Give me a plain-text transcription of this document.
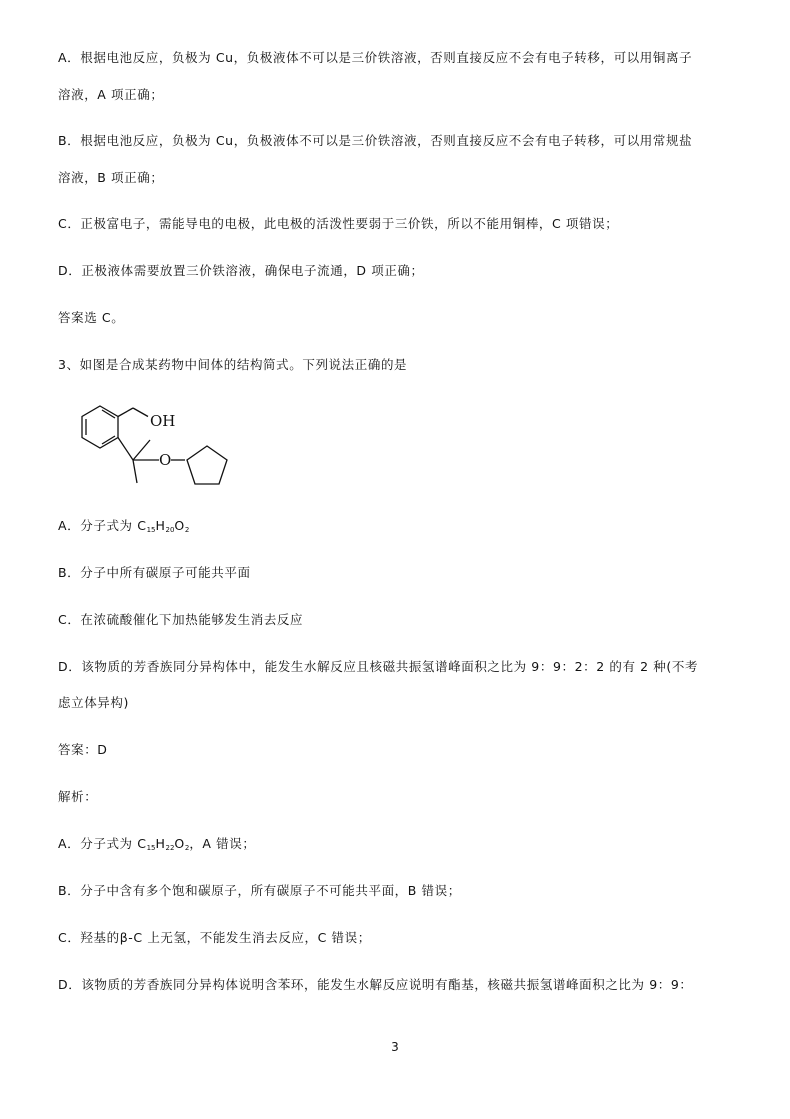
A．根据电池反应，负极为 Cu，负极液体不可以是三价铁溶液，否则直接反应不会有电子转移，可以用铜离子
溶液，A 项正确；
B．根据电池反应，负极为 Cu，负极液体不可以是三价铁溶液，否则直接反应不会有电子转移，可以用常规盐
溶液，B 项正确；
C．正极富电子，需能导电的电极，此电极的活泼性要弱于三价铁，所以不能用铜棒，C 项错误；
D．正极液体需要放置三价铁溶液，确保电子流通，D 项正确；
答案选 C。
3、如图是合成某药物中间体的结构简式。下列说法正确的是
OH
O
A．分子式为 $C_{15}H_{20}O_2$
B．分子中所有碳原子可能共平面
C．在浓硫酸催化下加热能够发生消去反应
D．该物质的芳香族同分异构体中，能发生水解反应且核磁共振氢谱峰面积之比为 9：9：2：2 的有 2 种(不考
虑立体异构)
答案：D
解析：
A．分子式为 $C_{15}H_{22}O_2$，A 错误；
B．分子中含有多个饱和碳原子，所有碳原子不可能共平面，B 错误；
C．羟基的β-C 上无氢，不能发生消去反应，C 错误；
D．该物质的芳香族同分异构体说明含苯环，能发生水解反应说明有酯基，核磁共振氢谱峰面积之比为 9：9：
3
